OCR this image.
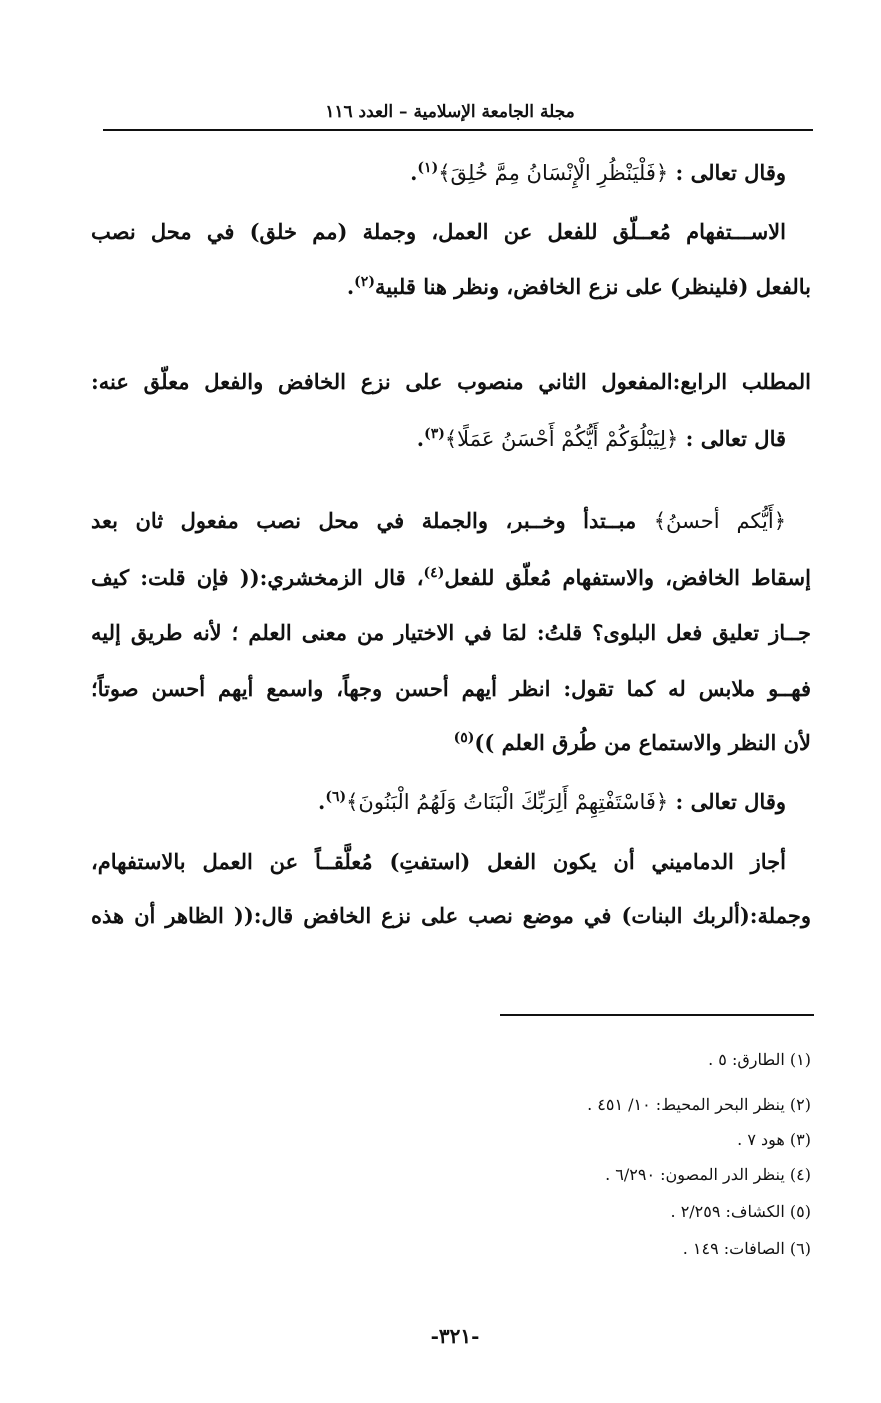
مجلة الجامعة الإسلامية – العدد ١١٦
وقال تعالى : ﴿فَلْيَنْظُرِ الْإِنْسَانُ مِمَّ خُلِقَ﴾$^{(١)}$.
الاســـتفهام مُعــلّق للفعل عن العمل، وجملة (مم خلق) في محل نصب
بالفعل (فلينظر) على نزع الخافض، ونظر هنا قلبية$^{(٢)}$.
المطلب الرابع:المفعول الثاني منصوب على نزع الخافض والفعل معلّق عنه:
قال تعالى : ﴿لِيَبْلُوَكُمْ أَيُّكُمْ أَحْسَنُ عَمَلًا﴾$^{(٣)}$.
﴿أَيُّكم أحسنُ﴾ مبــتدأ وخــبر، والجملة في محل نصب مفعول ثان بعد
إسقاط الخافض، والاستفهام مُعلّق للفعل$^{(٤)}$، قال الزمخشري:(( فإن قلت: كيف
جــاز تعليق فعل البلوى؟ قلتُ: لمَا في الاختيار من معنى العلم ؛ لأنه طريق إليه
فهــو ملابس له كما تقول: انظر أيهم أحسن وجهاً، واسمع أيهم أحسن صوتاً؛
لأن النظر والاستماع من طُرق العلم ))$^{(٥)}$
وقال تعالى : ﴿فَاسْتَفْتِهِمْ أَلِرَبِّكَ الْبَنَاتُ وَلَهُمُ الْبَنُونَ﴾$^{(٦)}$.
أجاز الدماميني أن يكون الفعل (استفتِ) مُعلَّقــاً عن العمل بالاستفهام،
وجملة:(ألربك البنات) في موضع نصب على نزع الخافض قال:(( الظاهر أن هذه
(١) الطارق: ٥ .
(٢) ينظر البحر المحيط: ١٠/ ٤٥١ .
(٣) هود ٧ .
(٤) ينظر الدر المصون: ٦/٢٩٠ .
(٥) الكشاف: ٢/٢٥٩ .
(٦) الصافات: ١٤٩ .
-٣٢١-
